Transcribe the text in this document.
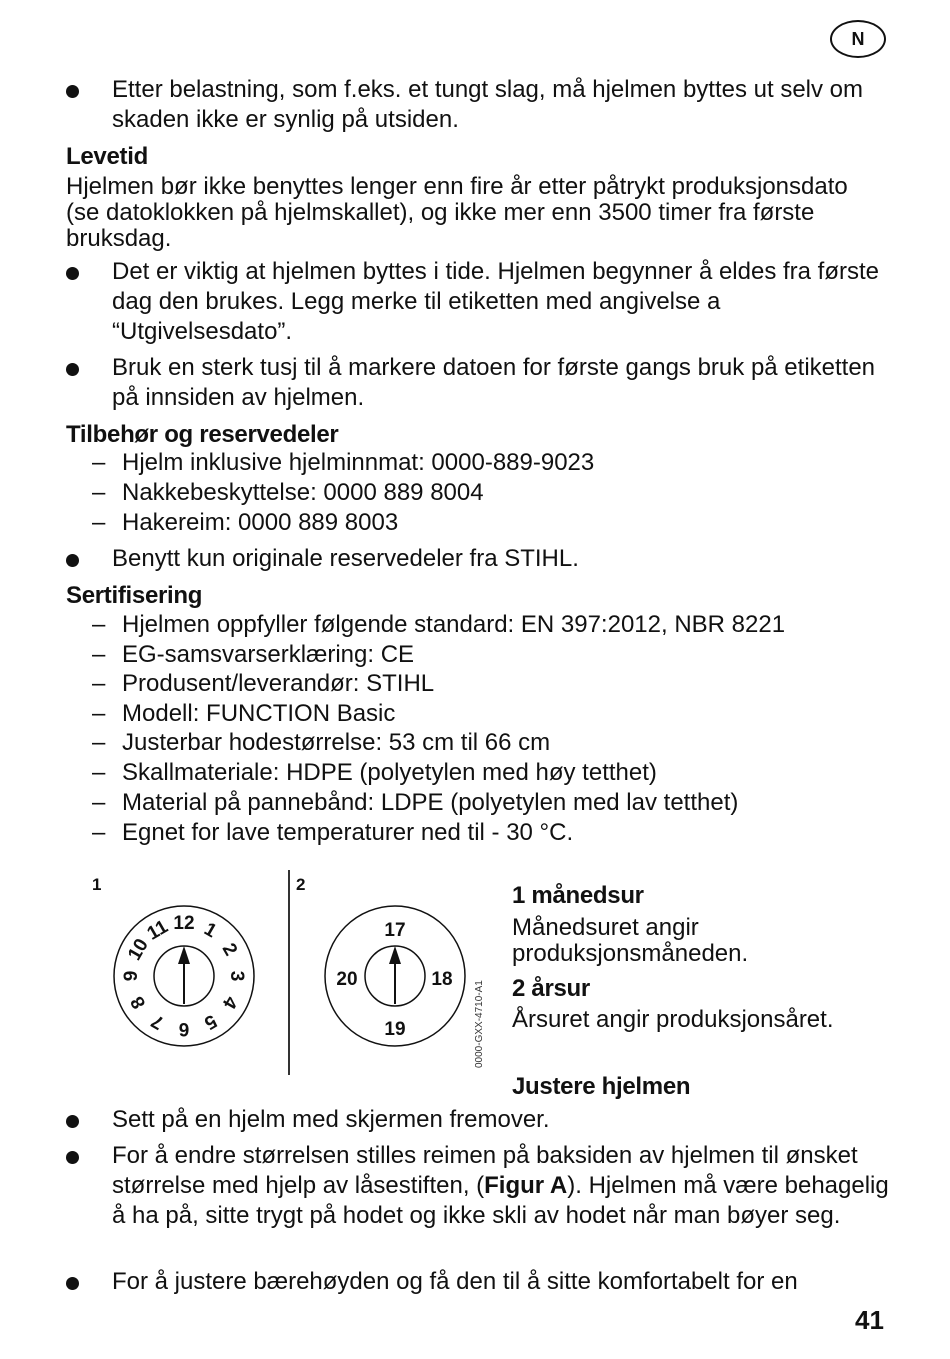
N
Etter belastning, som f.eks. et tungt slag, må hjelmen byttes ut selv om skaden ikke er synlig på utsiden.
Levetid
Hjelmen bør ikke benyttes lenger enn fire år etter påtrykt produksjonsdato (se datoklokken på hjelmskallet), og ikke mer enn 3500 timer fra første bruksdag.
Det er viktig at hjelmen byttes i tide. Hjelmen begynner å eldes fra første dag den brukes. Legg merke til etiketten med angivelse a “Utgivelsesdato”.
Bruk en sterk tusj til å markere datoen for første gangs bruk på etiketten på innsiden av hjelmen.
Tilbehør og reservedeler
– Hjelm inklusive hjelminnmat: 0000-889-9023
– Nakkebeskyttelse: 0000 889 8004
– Hakereim: 0000 889 8003
Benytt kun originale reservedeler fra STIHL.
Sertifisering
– Hjelmen oppfyller følgende standard: EN 397:2012, NBR 8221
– EG-samsvarserklæring: CE
– Produsent/leverandør: STIHL
– Modell: FUNCTION Basic
– Justerbar hodestørrelse: 53 cm til 66 cm
– Skallmateriale: HDPE (polyetylen med høy tetthet)
– Material på pannebånd: LDPE (polyetylen med lav tetthet)
– Egnet for lave temperaturer ned til - 30 °C.
1	2
1
2
3
4
5
6
7
8
9
10
11 12	17
18
19
20
0000-GXX-4710-A1
1 månedsur
Månedsuret angir produksjonsmåneden.
2 årsur
Årsuret angir produksjonsåret.
Justere hjelmen
Sett på en hjelm med skjermen fremover.
For å endre størrelsen stilles reimen på baksiden av hjelmen til ønsket størrelse med hjelp av låsestiften, (Figur A). Hjelmen må være behagelig å ha på, sitte trygt på hodet og ikke skli av hodet når man bøyer seg.
For å justere bærehøyden og få den til å sitte komfortabelt for en
41
